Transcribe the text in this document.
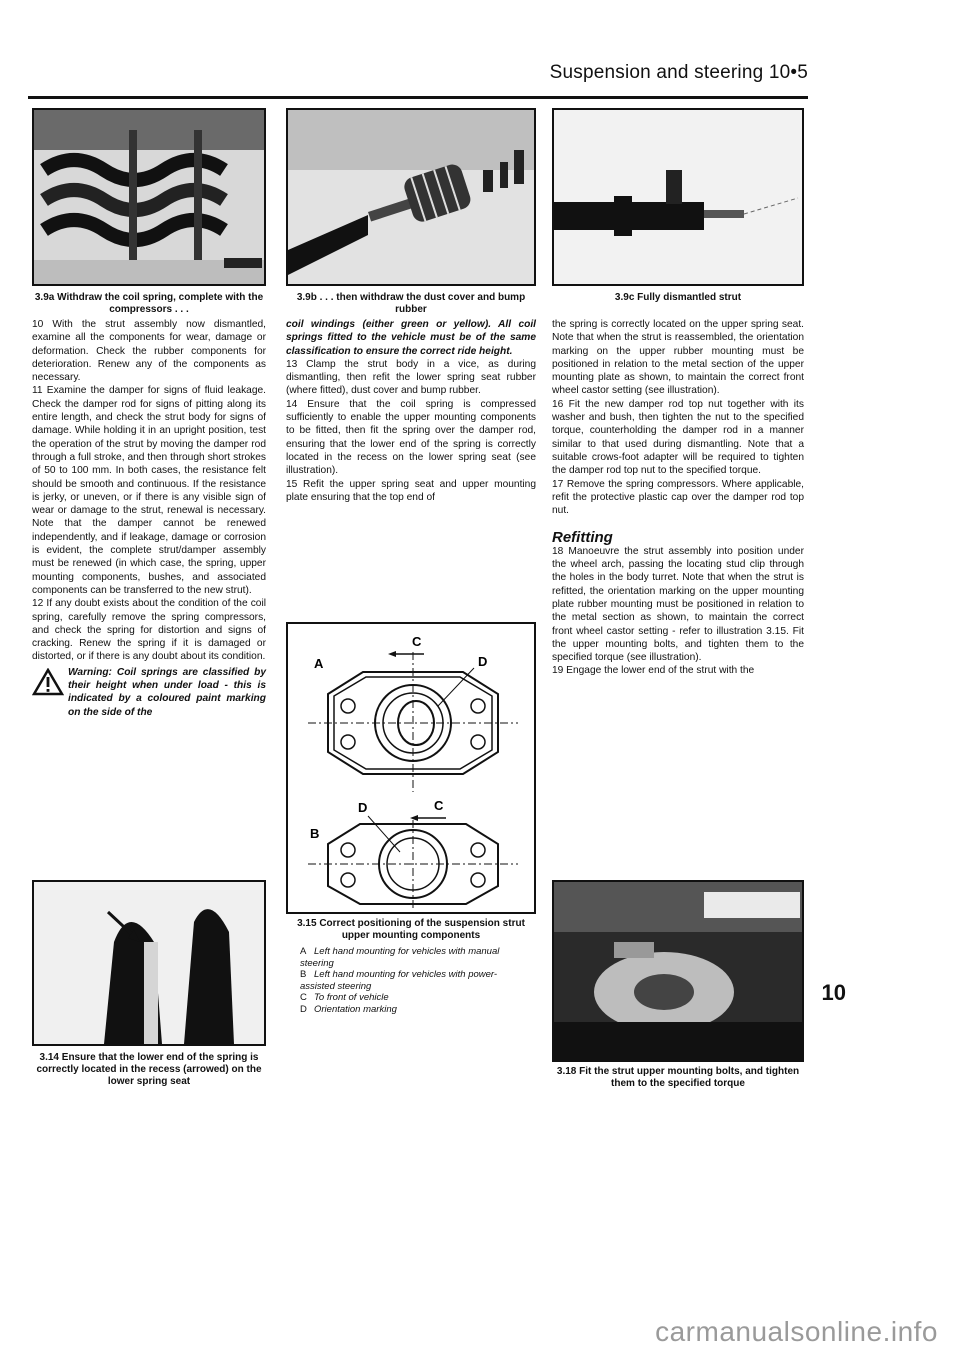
Suspension and steering 10•5
3.9a Withdraw the coil spring, complete with the compressors . . .
3.9b . . . then withdraw the dust cover and bump rubber
3.9c Fully dismantled strut

10 With the strut assembly now dismantled, examine all the components for wear, damage or deformation. Check the rubber components for deterioration. Renew any of the components as necessary.

11 Examine the damper for signs of fluid leakage. Check the damper rod for signs of pitting along its entire length, and check the strut body for signs of damage. While holding it in an upright position, test the operation of the strut by moving the damper rod through a full stroke, and then through short strokes of 50 to 100 mm. In both cases, the resistance felt should be smooth and continuous. If the resistance is jerky, or uneven, or if there is any visible sign of wear or damage to the strut, renewal is necessary. Note that the damper cannot be renewed independently, and if leakage, damage or corrosion is evident, the complete strut/damper assembly must be renewed (in which case, the spring, upper mounting components, bushes, and associated components can be transferred to the new strut).

12 If any doubt exists about the condition of the coil spring, carefully remove the spring compressors, and check the spring for distortion and signs of cracking. Renew the spring if it is damaged or distorted, or if there is any doubt about its condition.

Warning: Coil springs are classified by their height when under load - this is indicated by a coloured paint marking on the side of the

coil windings (either green or yellow). All coil springs fitted to the vehicle must be of the same classification to ensure the correct ride height.

13 Clamp the strut body in a vice, as during dismantling, then refit the lower spring seat rubber (where fitted), dust cover and bump rubber.

14 Ensure that the coil spring is compressed sufficiently to enable the upper mounting components to be fitted, then fit the spring over the damper rod, ensuring that the lower end of the spring is correctly located in the recess on the lower spring seat (see illustration).

15 Refit the upper spring seat and upper mounting plate ensuring that the top end of

the spring is correctly located on the upper spring seat. Note that when the strut is reassembled, the orientation marking on the upper rubber mounting must be positioned in relation to the metal section of the upper mounting plate as shown, to maintain the correct front wheel castor setting (see illustration).

16 Fit the new damper rod top nut together with its washer and bush, then tighten the nut to the specified torque, counterholding the damper rod in a manner similar to that used during dismantling. Note that a suitable crows-foot adapter will be required to tighten the damper rod top nut to the specified torque.

17 Remove the spring compressors. Where applicable, refit the protective plastic cap over the damper rod top nut.

Refitting

18 Manoeuvre the strut assembly into position under the wheel arch, passing the locating stud clip through the holes in the body turret. Note that when the strut is refitted, the orientation marking on the upper mounting plate rubber mounting must be positioned in relation to the metal section as shown, to maintain the correct front wheel castor setting - refer to illustration 3.15. Fit the upper mounting bolts, and tighten them to the specified torque (see illustration).

19 Engage the lower end of the strut with the

A
C
D
D	C
B
3.15 Correct positioning of the suspension strut upper mounting components
A Left hand mounting for vehicles with manual steering
B Left hand mounting for vehicles with power-assisted steering
C To front of vehicle
D Orientation marking
3.14 Ensure that the lower end of the spring is correctly located in the recess (arrowed) on the lower spring seat
3.18 Fit the strut upper mounting bolts, and tighten them to the specified torque
10
carmanualsonline.info
